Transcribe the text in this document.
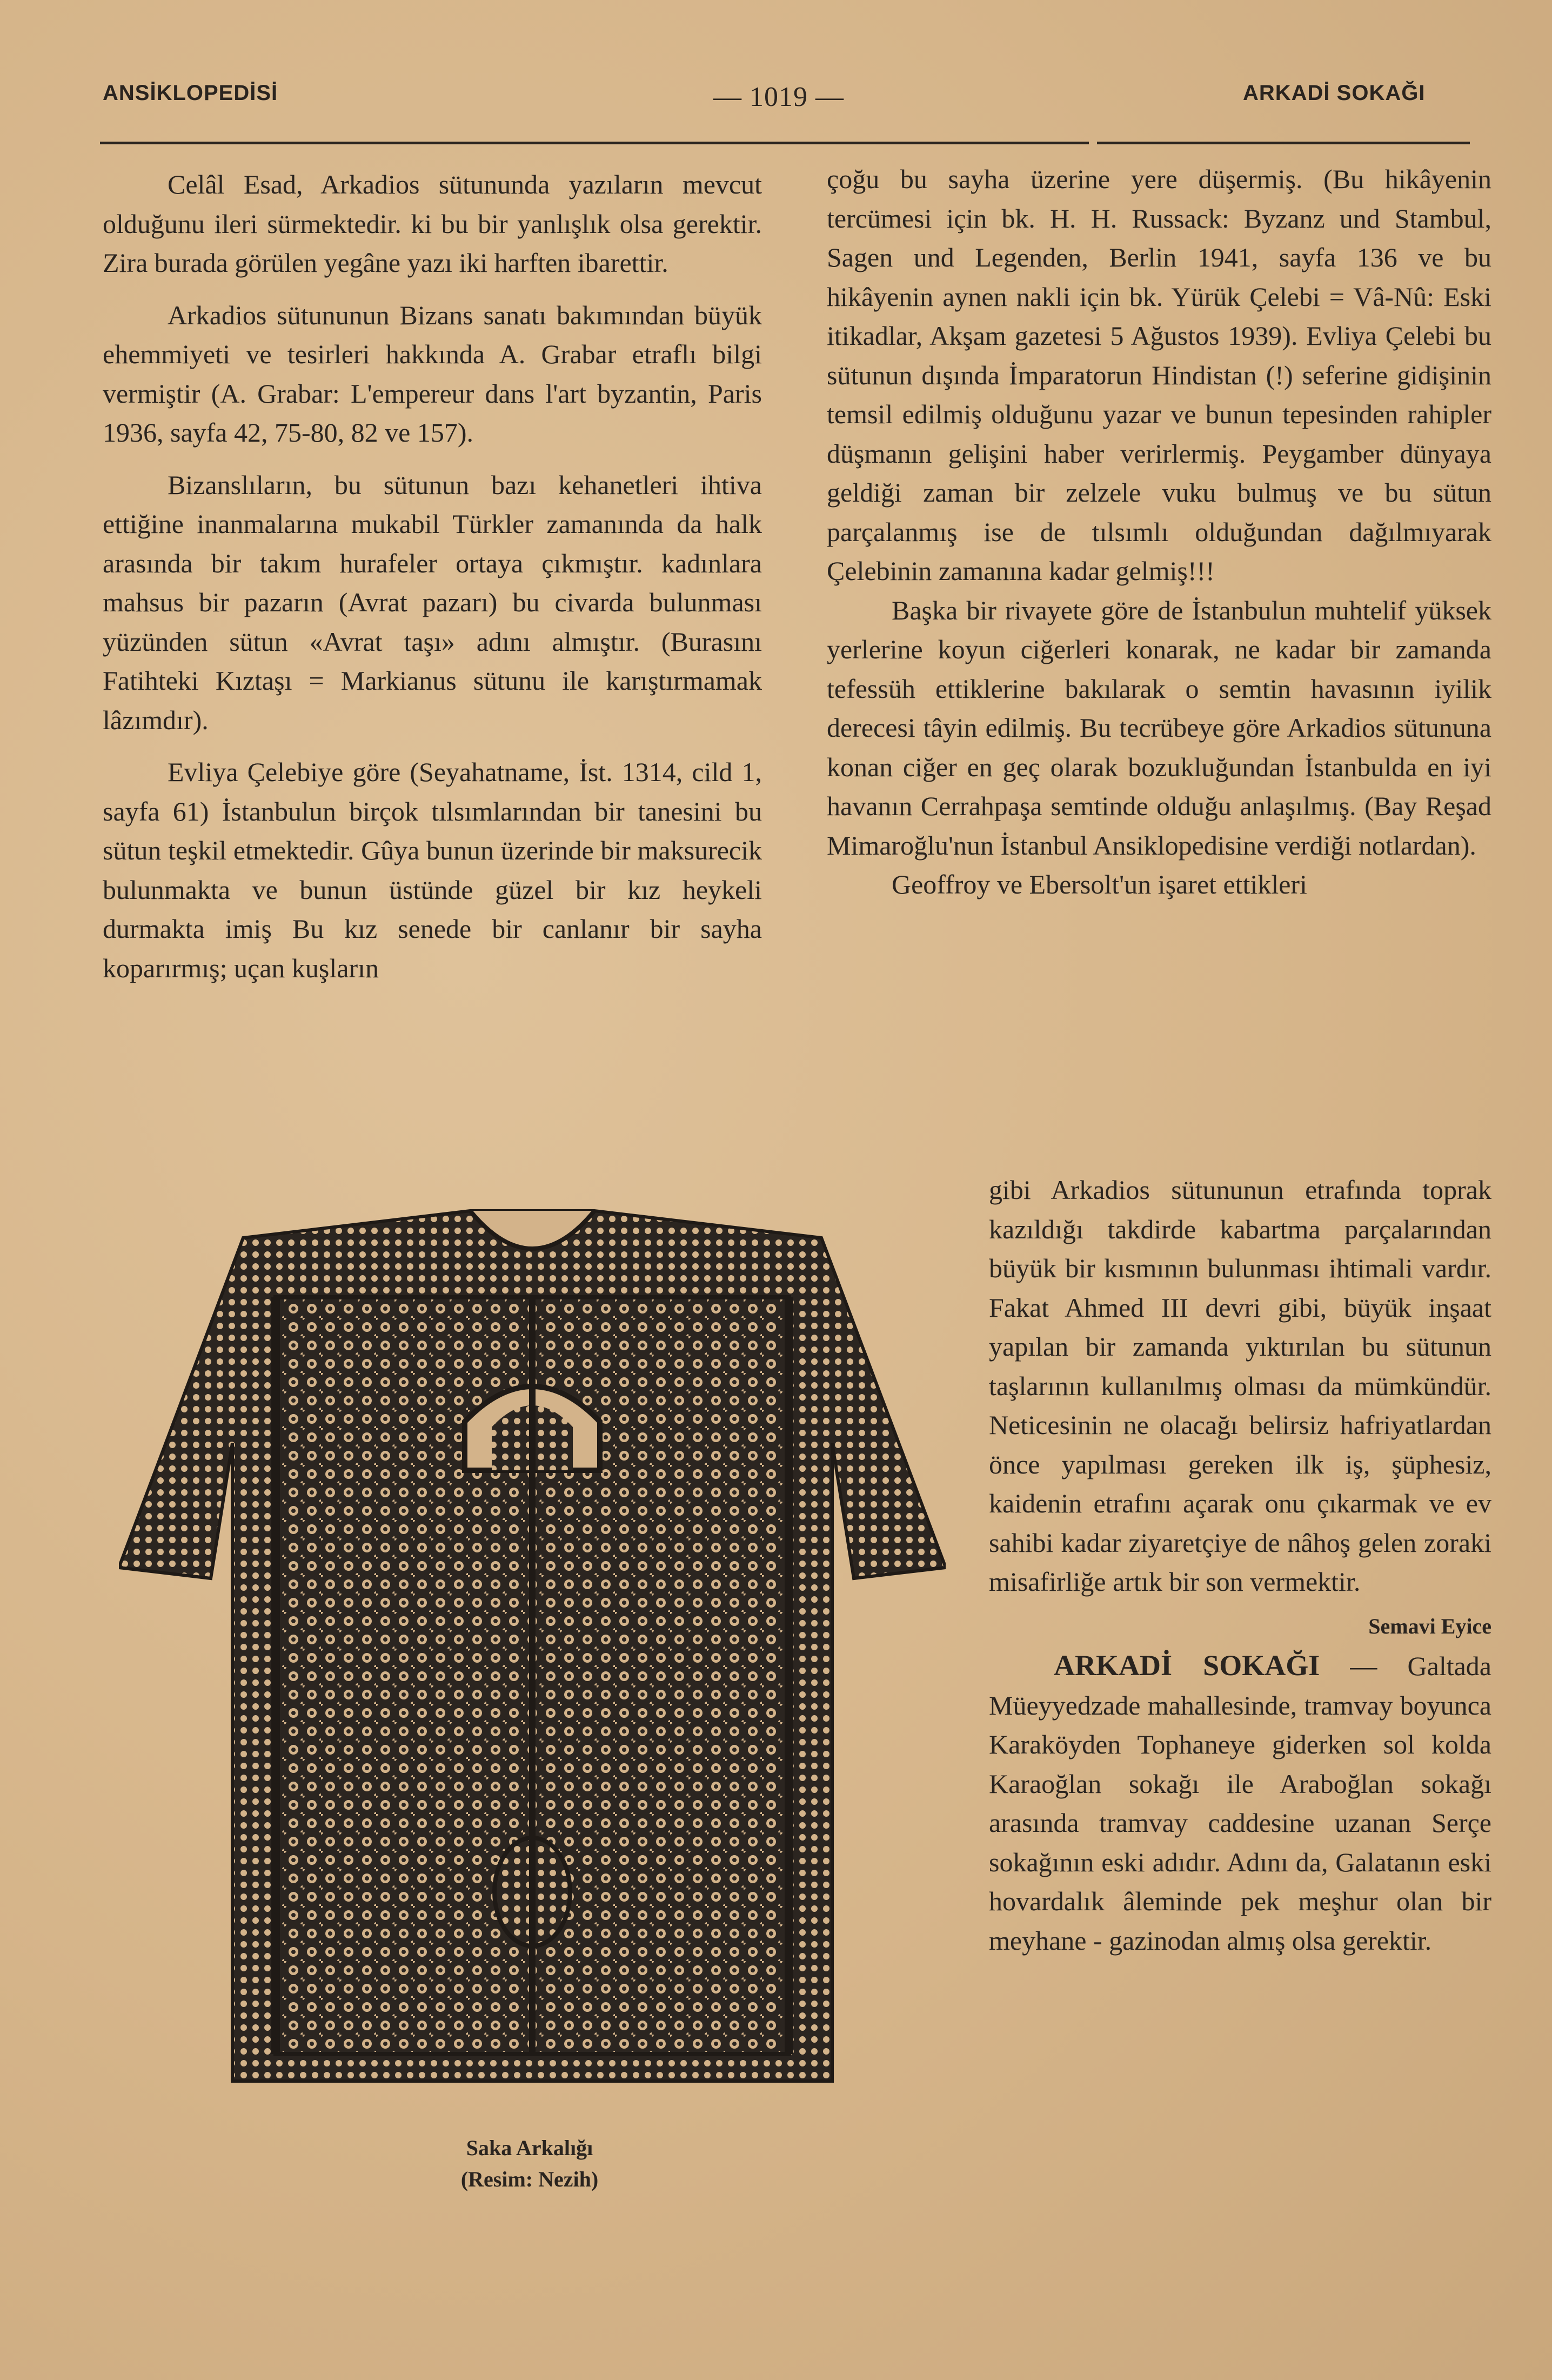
ANSİKLOPEDİSİ	— 1019 —	ARKADİ SOKAĞI

Celâl Esad, Arkadios sütununda yazıların mevcut olduğunu ileri sürmektedir. ki bu bir yanlışlık olsa gerektir. Zira burada görülen yegâne yazı iki harften ibarettir.

Arkadios sütununun Bizans sanatı bakımından büyük ehemmiyeti ve tesirleri hakkında A. Grabar etraflı bilgi vermiştir (A. Grabar: L'empereur dans l'art byzantin, Paris 1936, sayfa 42, 75-80, 82 ve 157).

Bizanslıların, bu sütunun bazı kehanetleri ihtiva ettiğine inanmalarına mukabil Türkler zamanında da halk arasında bir takım hurafeler ortaya çıkmıştır. kadınlara mahsus bir pazarın (Avrat pazarı) bu civarda bulunması yüzünden sütun «Avrat taşı» adını almıştır. (Burasını Fatihteki Kıztaşı = Markianus sütunu ile karıştırmamak lâzımdır).

Evliya Çelebiye göre (Seyahatname, İst. 1314, cild 1, sayfa 61) İstanbulun birçok tılsımlarından bir tanesini bu sütun teşkil etmektedir. Gûya bunun üzerinde bir maksurecik bulunmakta ve bunun üstünde güzel bir kız heykeli durmakta imiş Bu kız senede bir canlanır bir sayha koparırmış; uçan kuşların

çoğu bu sayha üzerine yere düşermiş. (Bu hikâyenin tercümesi için bk. H. H. Russack: Byzanz und Stambul, Sagen und Legenden, Berlin 1941, sayfa 136 ve bu hikâyenin aynen nakli için bk. Yürük Çelebi = Vâ-Nû: Eski itikadlar, Akşam gazetesi 5 Ağustos 1939). Evliya Çelebi bu sütunun dışında İmparatorun Hindistan (!) seferine gidişinin temsil edilmiş olduğunu yazar ve bunun tepesinden rahipler düşmanın gelişini haber verirlermiş. Peygamber dünyaya geldiği zaman bir zelzele vuku bulmuş ve bu sütun parçalanmış ise de tılsımlı olduğundan dağılmıyarak Çelebinin zamanına kadar gelmiş!!!

Başka bir rivayete göre de İstanbulun muhtelif yüksek yerlerine koyun ciğerleri konarak, ne kadar bir zamanda tefessüh ettiklerine bakılarak o semtin havasının iyilik derecesi tâyin edilmiş. Bu tecrübeye göre Arkadios sütununa konan ciğer en geç olarak bozukluğundan İstanbulda en iyi havanın Cerrahpaşa semtinde olduğu anlaşılmış. (Bay Reşad Mimaroğlu'nun İstanbul Ansiklopedisine verdiği notlardan).

Geoffroy ve Ebersolt'un işaret ettikleri

gibi Arkadios sütununun etrafında toprak kazıldığı takdirde kabartma parçalarından büyük bir kısmının bulunması ihtimali vardır. Fakat Ahmed III devri gibi, büyük inşaat yapılan bir zamanda yıktırılan bu sütunun taşlarının kullanılmış olması da mümkündür. Neticesinin ne olacağı belirsiz hafriyatlardan önce yapılması gereken ilk iş, şüphesiz, kaidenin etrafını açarak onu çıkarmak ve ev sahibi kadar ziyaretçiye de nâhoş gelen zoraki misafirliğe artık bir son vermektir.

Semavi Eyice

ARKADİ SOKAĞI — Galtada Müeyyedzade mahallesinde, tramvay boyunca Karaköyden Tophaneye giderken sol kolda Karaoğlan sokağı ile Araboğlan sokağı arasında tramvay caddesine uzanan Serçe sokağının eski adıdır. Adını da, Galatanın eski hovardalık âleminde pek meşhur olan bir meyhane - gazinodan almış olsa gerektir.

Saka Arkalığı
(Resim: Nezih)
